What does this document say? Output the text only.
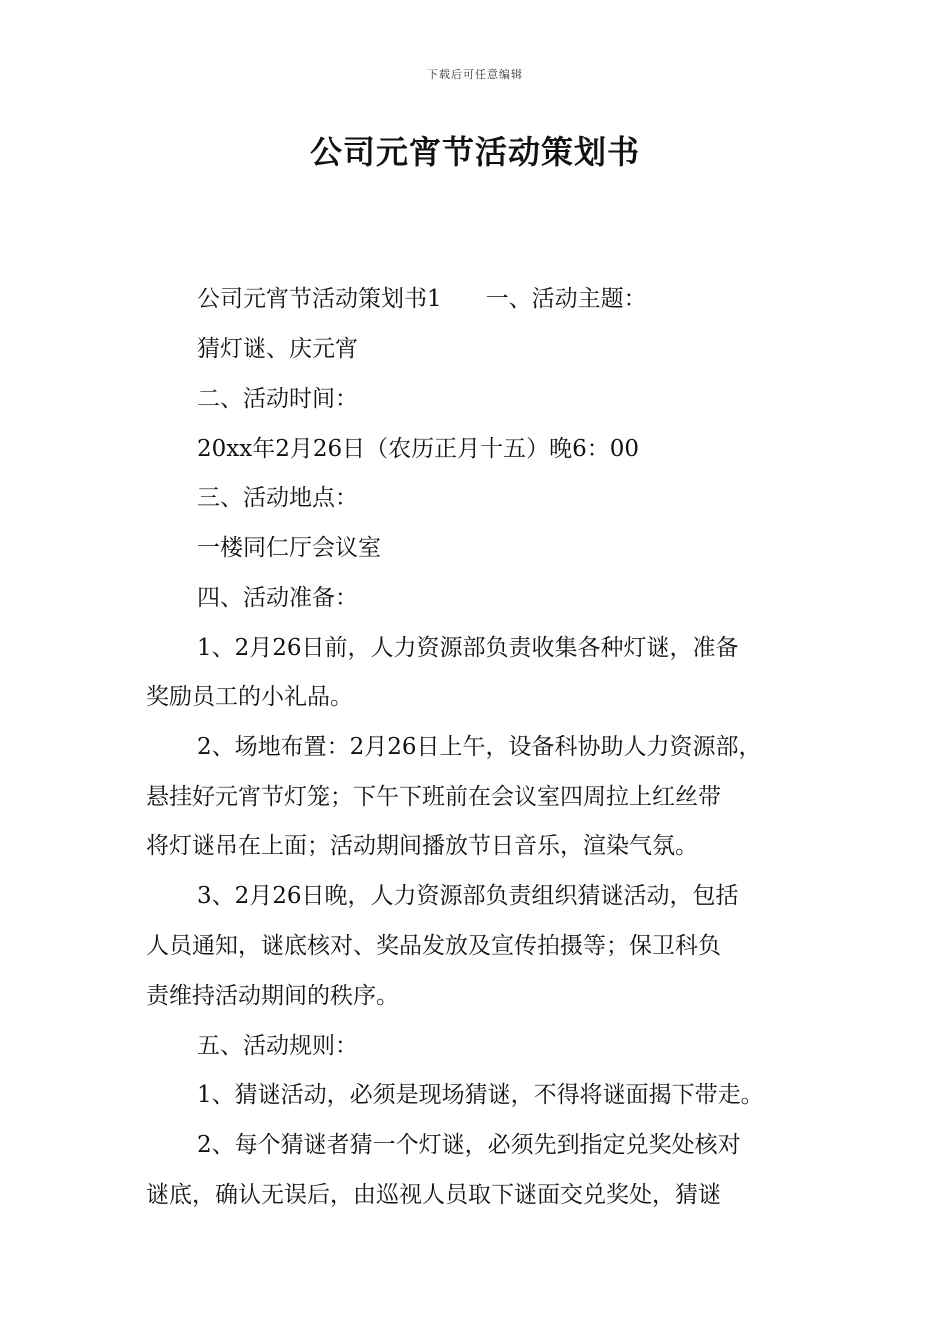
下载后可任意编辑
公司元宵节活动策划书

公司元宵节活动策划书1 一、活动主题：

猜灯谜、庆元宵

二、活动时间：

20xx年2月26日（农历正月十五）晚6：00

三、活动地点：

一楼同仁厅会议室

四、活动准备：

1、2月26日前，人力资源部负责收集各种灯谜，准备

奖励员工的小礼品。

2、场地布置：2月26日上午，设备科协助人力资源部，

悬挂好元宵节灯笼；下午下班前在会议室四周拉上红丝带

将灯谜吊在上面；活动期间播放节日音乐，渲染气氛。

3、2月26日晚，人力资源部负责组织猜谜活动，包括

人员通知，谜底核对、奖品发放及宣传拍摄等；保卫科负

责维持活动期间的秩序。

五、活动规则：

1、猜谜活动，必须是现场猜谜，不得将谜面揭下带走。

2、每个猜谜者猜一个灯谜，必须先到指定兑奖处核对

谜底，确认无误后，由巡视人员取下谜面交兑奖处，猜谜
